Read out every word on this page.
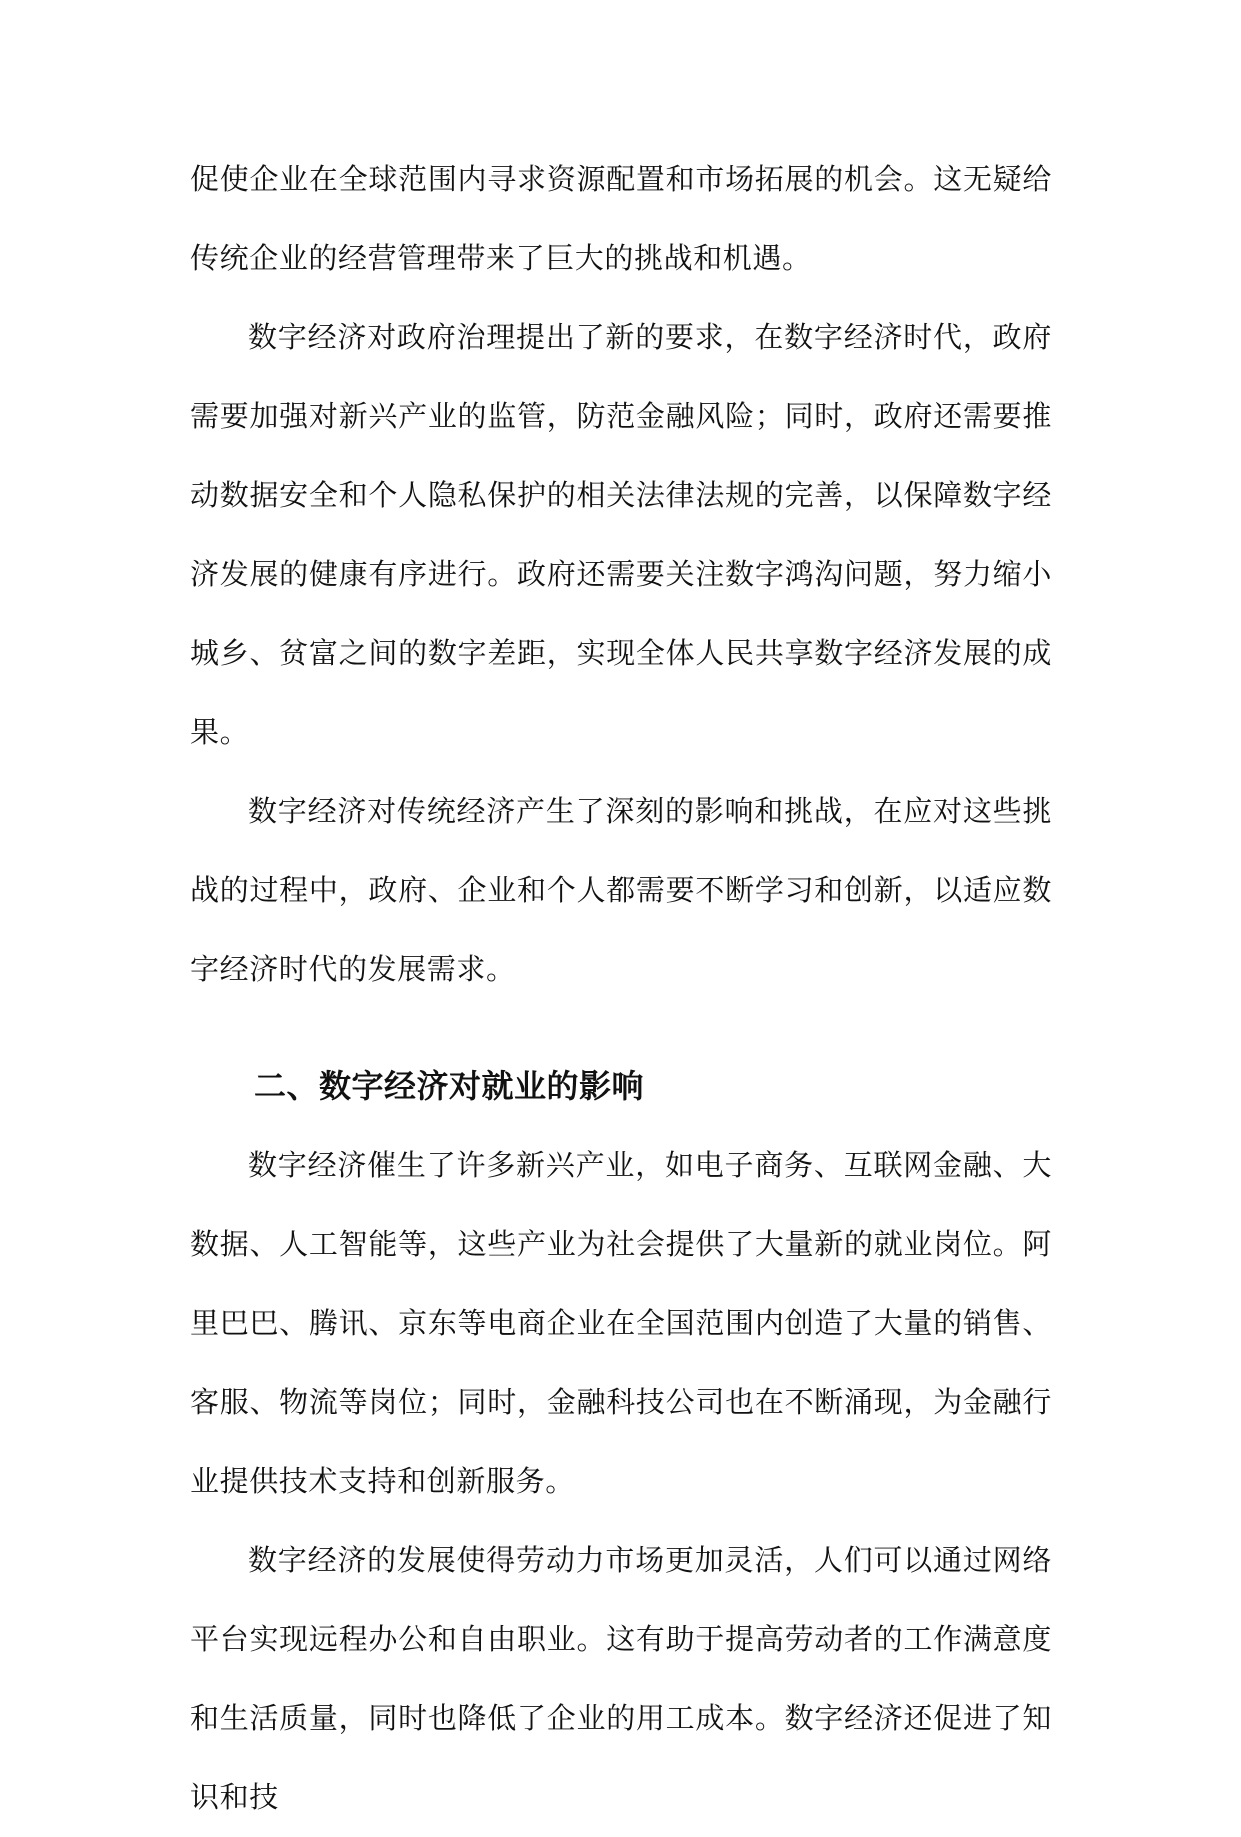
促使企业在全球范围内寻求资源配置和市场拓展的机会。这无疑给传统企业的经营管理带来了巨大的挑战和机遇。

数字经济对政府治理提出了新的要求，在数字经济时代，政府需要加强对新兴产业的监管，防范金融风险；同时，政府还需要推动数据安全和个人隐私保护的相关法律法规的完善，以保障数字经济发展的健康有序进行。政府还需要关注数字鸿沟问题，努力缩小城乡、贫富之间的数字差距，实现全体人民共享数字经济发展的成果。

数字经济对传统经济产生了深刻的影响和挑战，在应对这些挑战的过程中，政府、企业和个人都需要不断学习和创新，以适应数字经济时代的发展需求。

二、数字经济对就业的影响

数字经济催生了许多新兴产业，如电子商务、互联网金融、大数据、人工智能等，这些产业为社会提供了大量新的就业岗位。阿里巴巴、腾讯、京东等电商企业在全国范围内创造了大量的销售、客服、物流等岗位；同时，金融科技公司也在不断涌现，为金融行业提供技术支持和创新服务。

数字经济的发展使得劳动力市场更加灵活，人们可以通过网络平台实现远程办公和自由职业。这有助于提高劳动者的工作满意度和生活质量，同时也降低了企业的用工成本。数字经济还促进了知识和技
